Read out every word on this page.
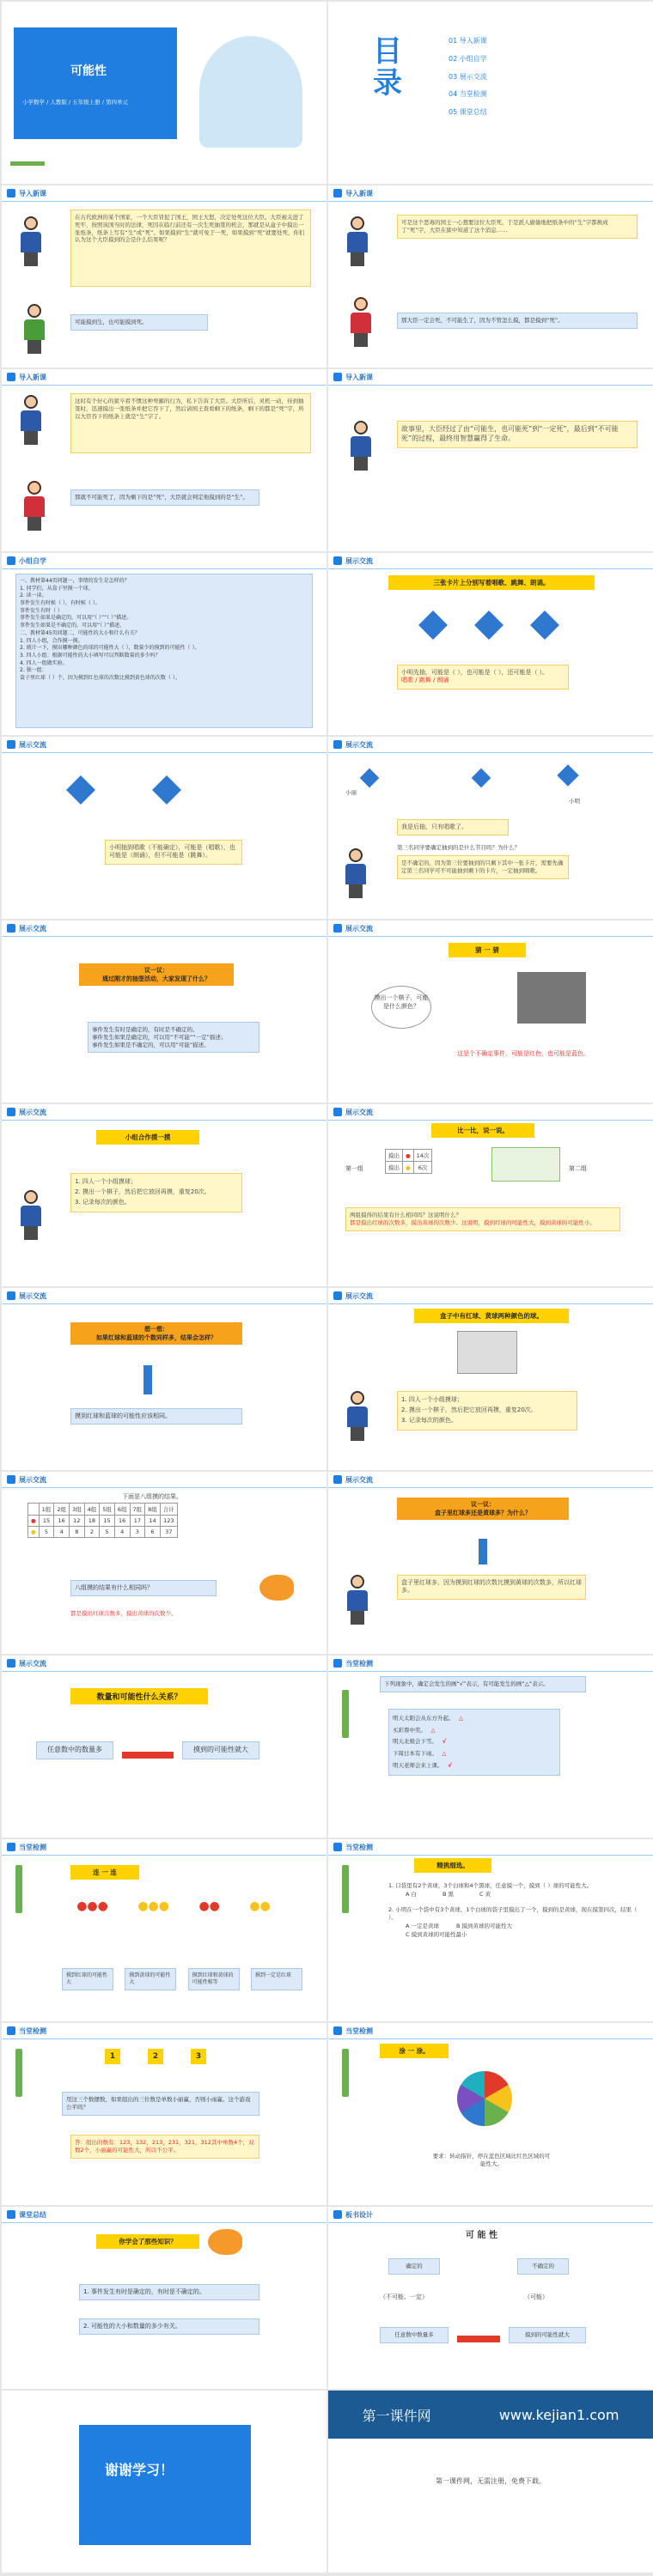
可能性
小学数学 / 人教版 / 五年级上册 / 第四单元
目录
01 导入新课
02 小组自学
03 展示交流
04 当堂检测
05 课堂总结
导入新课
在古代欧洲的某个国家，一个大臣冒犯了国王，国王大怒，决定处死这位大臣。大臣被关进了死牢，按照该国当时的法律，死囚在临行前还有一次生死抽签的机会，那就是从盒子中摸出一张纸条，纸条上写有“生”或“死”。如果摸到“生”就可免于一死，如果摸到“死”就要处死，你们认为这个大臣摸到的会是什么结果呢？
可能摸到生，也可能摸到死。
导入新课
可是这个恶毒的国王一心想要这位大臣死，于是派人偷偷地把纸条中的“生”字都换成了“死”字，大臣在狱中知道了这个消息……
那大臣一定会死，不可能生了，因为不管怎么摸，都是摸到“死”。
导入新课
这时有个好心的狱卒看不惯这种卑鄙的行为，私下告诉了大臣。大臣听后，灵机一动，待到抽签时，迅速摸出一张纸条并把它吞下了，然后请国王查看剩下的纸条，剩下的都是“死”字，所以大臣吞下的纸条上就是“生”字了。
那就不可能死了，因为剩下的是“死”，大臣就会判定他摸到的是“生”。
导入新课
故事里，大臣经过了由“可能生，也可能死”到“一定死”，最后到“不可能死”的过程，最终用智慧赢得了生命。
小组自学
一、教材第44页问题一，事情的发生是怎样的？
1. 同学们，从盒子里摸一个球。
2. 读一读。
事件发生有时候（ ），有时候（ ）。
事件发生有时（ ）
事件发生如果是确定的，可以用“（ ）”“（ ）”描述。
事件发生如果是不确定的，可以用“（ ）”描述。
二、教材第45页问题二，可能性的大小和什么有关？
1. 四人小组，合作摸一摸。
2. 统计一下，摸出哪种颜色的球的可能性大（ ），数量少的摸到的可能性（ ）。
3. 四人小组：根据可能性的大小填写可以判断数量的多少吗？
4. 四人一组做实验。
2. 独一组：
盒子里红球（ ）个，因为摸到红色球的次数比摸到黄色球的次数（ ）。
展示交流
三张卡片上分别写着唱歌、跳舞、朗诵。
小明先抽，可能是（ ），也可能是（ ），还可能是（ ）。
唱歌 / 跳舞 / 朗诵
展示交流
小明抽到唱歌（不能确定），可能是（唱歌），也可能是（朗诵），但不可能是（跳舞）。
展示交流
小丽
小明
我是后抽，只有唱歌了。
第三名同学要确定抽到的是什么节目吗？为什么？
是不确定的，因为第三位要抽到的只剩下其中一张卡片，需要先确定第三名同学可不可能抽到剩下的卡片，一定抽到唱歌。
展示交流
议一议：
通过刚才的抽签活动，大家发现了什么？
事件发生有时是确定的，有时是不确定的。
事件发生如果是确定的，可以用“不可能”“一定”描述；
事件发生如果是不确定的，可以用“可能”描述。
展示交流
猜 一 猜
摸出一个棋子，可能是什么颜色？
这是个不确定事件，可能是红色，也可能是蓝色。
展示交流
小组合作摸一摸
1. 四人一个小组摸球；
2. 摸出一个棋子，然后把它放回再摸，重复20次。
3. 记录每次的颜色。
展示交流
比一比，说一说。
第一组
摸出	●	14次
摸出	●	6次	第二组
两组摸得的结果有什么相同吗？这说明什么？
都是摸出红球的次数多，摸出黄球的次数少。这说明，摸到红球的可能性大，摸到黄球的可能性小。
展示交流
想一想：
如果红球和蓝球的个数同样多，结果会怎样？
摸到红球和蓝球的可能性应该相同。
展示交流
盒子中有红球、黄球两种颜色的球。
1. 四人一个小组摸球；
2. 摸出一个棋子，然后把它放回再摸，重复20次。
3. 记录每次的颜色。
展示交流
下面是八组摸的结果。
	1组	2组	3组	4组	5组	6组	7组	8组	合计
●	15	16	12	18	15	16	17	14	123
●	5	4	8	2	5	4	3	6	37
八组摸的结果有什么相同吗？
都是摸出红球次数多，摸出黄球的次数少。
展示交流
议一议：
盒子里红球多还是黄球多？为什么？
盒子里红球多，因为摸到红球的次数比摸到黄球的次数多，所以红球多。
展示交流
数量和可能性什么关系？
任意数中的数量多	摸到的可能性就大
当堂检测
下列现象中，确定会发生的画“√”表示，有可能发生的画“△”表示。
明天太阳会从东方升起。 △
买彩票中奖。 △
明天北极会下雪。 √
下周日本有下雨。 △
明天老师会来上课。 √
当堂检测
连 一 连
●●● ●●● ●● ●●
摸到红球的可能性大
摸到黄球的可能性大
摸到红球和黄球的可能性相等
摸到一定是红球
当堂检测
精挑细选。
1. 口袋里有2个黄球，3个白球和4个黑球，任意摸一个，摸到（ ）球的可能性大。
A 白	B 黑	C 黄
2. 小明在一个袋中有3个黄球、1个白球的袋子里摸出了一个，摸到的是黄球，现在摸第四次，结果（ ）。
A 一定是黄球	B 摸到黄球的可能性大
C 摸到黄球的可能性最小
当堂检测
1	2	3
用这三个数摆数，如果组出的三位数是单数小丽赢，否则小雨赢。这个游戏公平吗？
答：组出的数有：123，132，213，231，321，312其中单数4个，双数2个，小丽赢的可能性大，所以不公平。
当堂检测
涂 一 涂。
要求：转动指针，停在蓝色区域比红色区域的可能性大。
课堂总结
你学会了那些知识？
1. 事件发生有时是确定的，有时是不确定的。
2. 可能性的大小和数量的多少有关。
板书设计
可 能 性
确定的	不确定的
（不可能、一定）	（可能）
任意数中数量多	摸到的可能性就大
谢谢学习！
第一课件网	www.kejian1.com
第一课件网，无需注册，免费下载。
